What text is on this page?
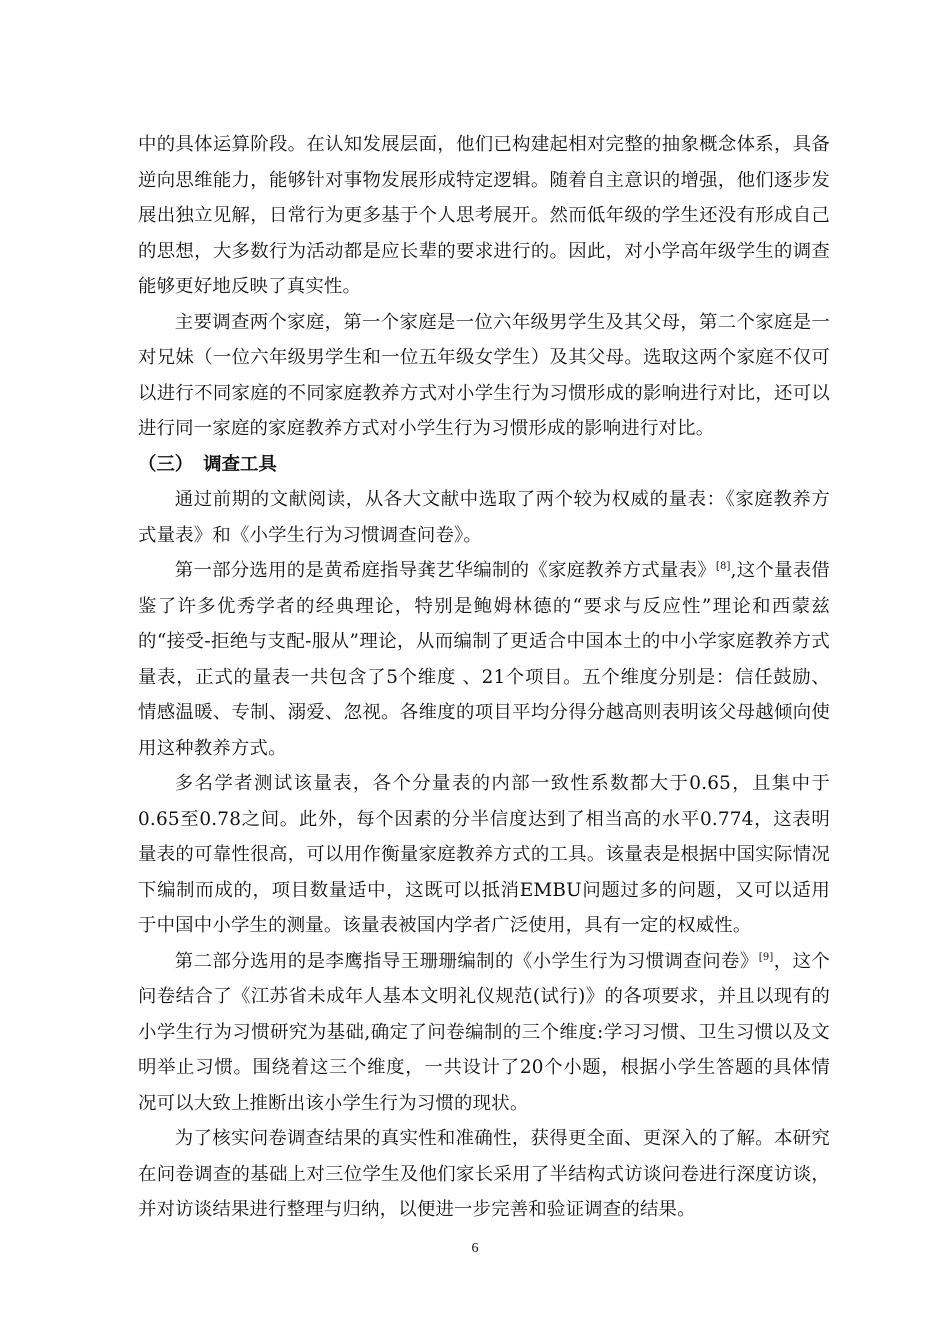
中的具体运算阶段。在认知发展层面，他们已构建起相对完整的抽象概念体系，具备逆向思维能力，能够针对事物发展形成特定逻辑。随着自主意识的增强，他们逐步发展出独立见解，日常行为更多基于个人思考展开。然而低年级的学生还没有形成自己的思想，大多数行为活动都是应长辈的要求进行的。因此，对小学高年级学生的调查能够更好地反映了真实性。

主要调查两个家庭，第一个家庭是一位六年级男学生及其父母，第二个家庭是一对兄妹（一位六年级男学生和一位五年级女学生）及其父母。选取这两个家庭不仅可以进行不同家庭的不同家庭教养方式对小学生行为习惯形成的影响进行对比，还可以进行同一家庭的家庭教养方式对小学生行为习惯形成的影响进行对比。

（三） 调查工具

通过前期的文献阅读，从各大文献中选取了两个较为权威的量表：《家庭教养方式量表》和《小学生行为习惯调查问卷》。

第一部分选用的是黄希庭指导龚艺华编制的《家庭教养方式量表》[8],这个量表借鉴了许多优秀学者的经典理论，特别是鲍姆林德的“要求与反应性”理论和西蒙兹的“接受-拒绝与支配-服从”理论，从而编制了更适合中国本土的中小学家庭教养方式量表，正式的量表一共包含了5个维度 、21个项目。五个维度分别是：信任鼓励、情感温暖、专制、溺爱、忽视。各维度的项目平均分得分越高则表明该父母越倾向使用这种教养方式。

多名学者测试该量表，各个分量表的内部一致性系数都大于0.65，且集中于0.65至0.78之间。此外，每个因素的分半信度达到了相当高的水平0.774，这表明量表的可靠性很高，可以用作衡量家庭教养方式的工具。该量表是根据中国实际情况下编制而成的，项目数量适中，这既可以抵消EMBU问题过多的问题，又可以适用于中国中小学生的测量。该量表被国内学者广泛使用，具有一定的权威性。

第二部分选用的是李鹰指导王珊珊编制的《小学生行为习惯调查问卷》[9]，这个问卷结合了《江苏省未成年人基本文明礼仪规范(试行)》的各项要求，并且以现有的小学生行为习惯研究为基础,确定了问卷编制的三个维度:学习习惯、卫生习惯以及文明举止习惯。围绕着这三个维度，一共设计了20个小题，根据小学生答题的具体情况可以大致上推断出该小学生行为习惯的现状。

为了核实问卷调查结果的真实性和准确性，获得更全面、更深入的了解。本研究在问卷调查的基础上对三位学生及他们家长采用了半结构式访谈问卷进行深度访谈，并对访谈结果进行整理与归纳，以便进一步完善和验证调查的结果。

6
